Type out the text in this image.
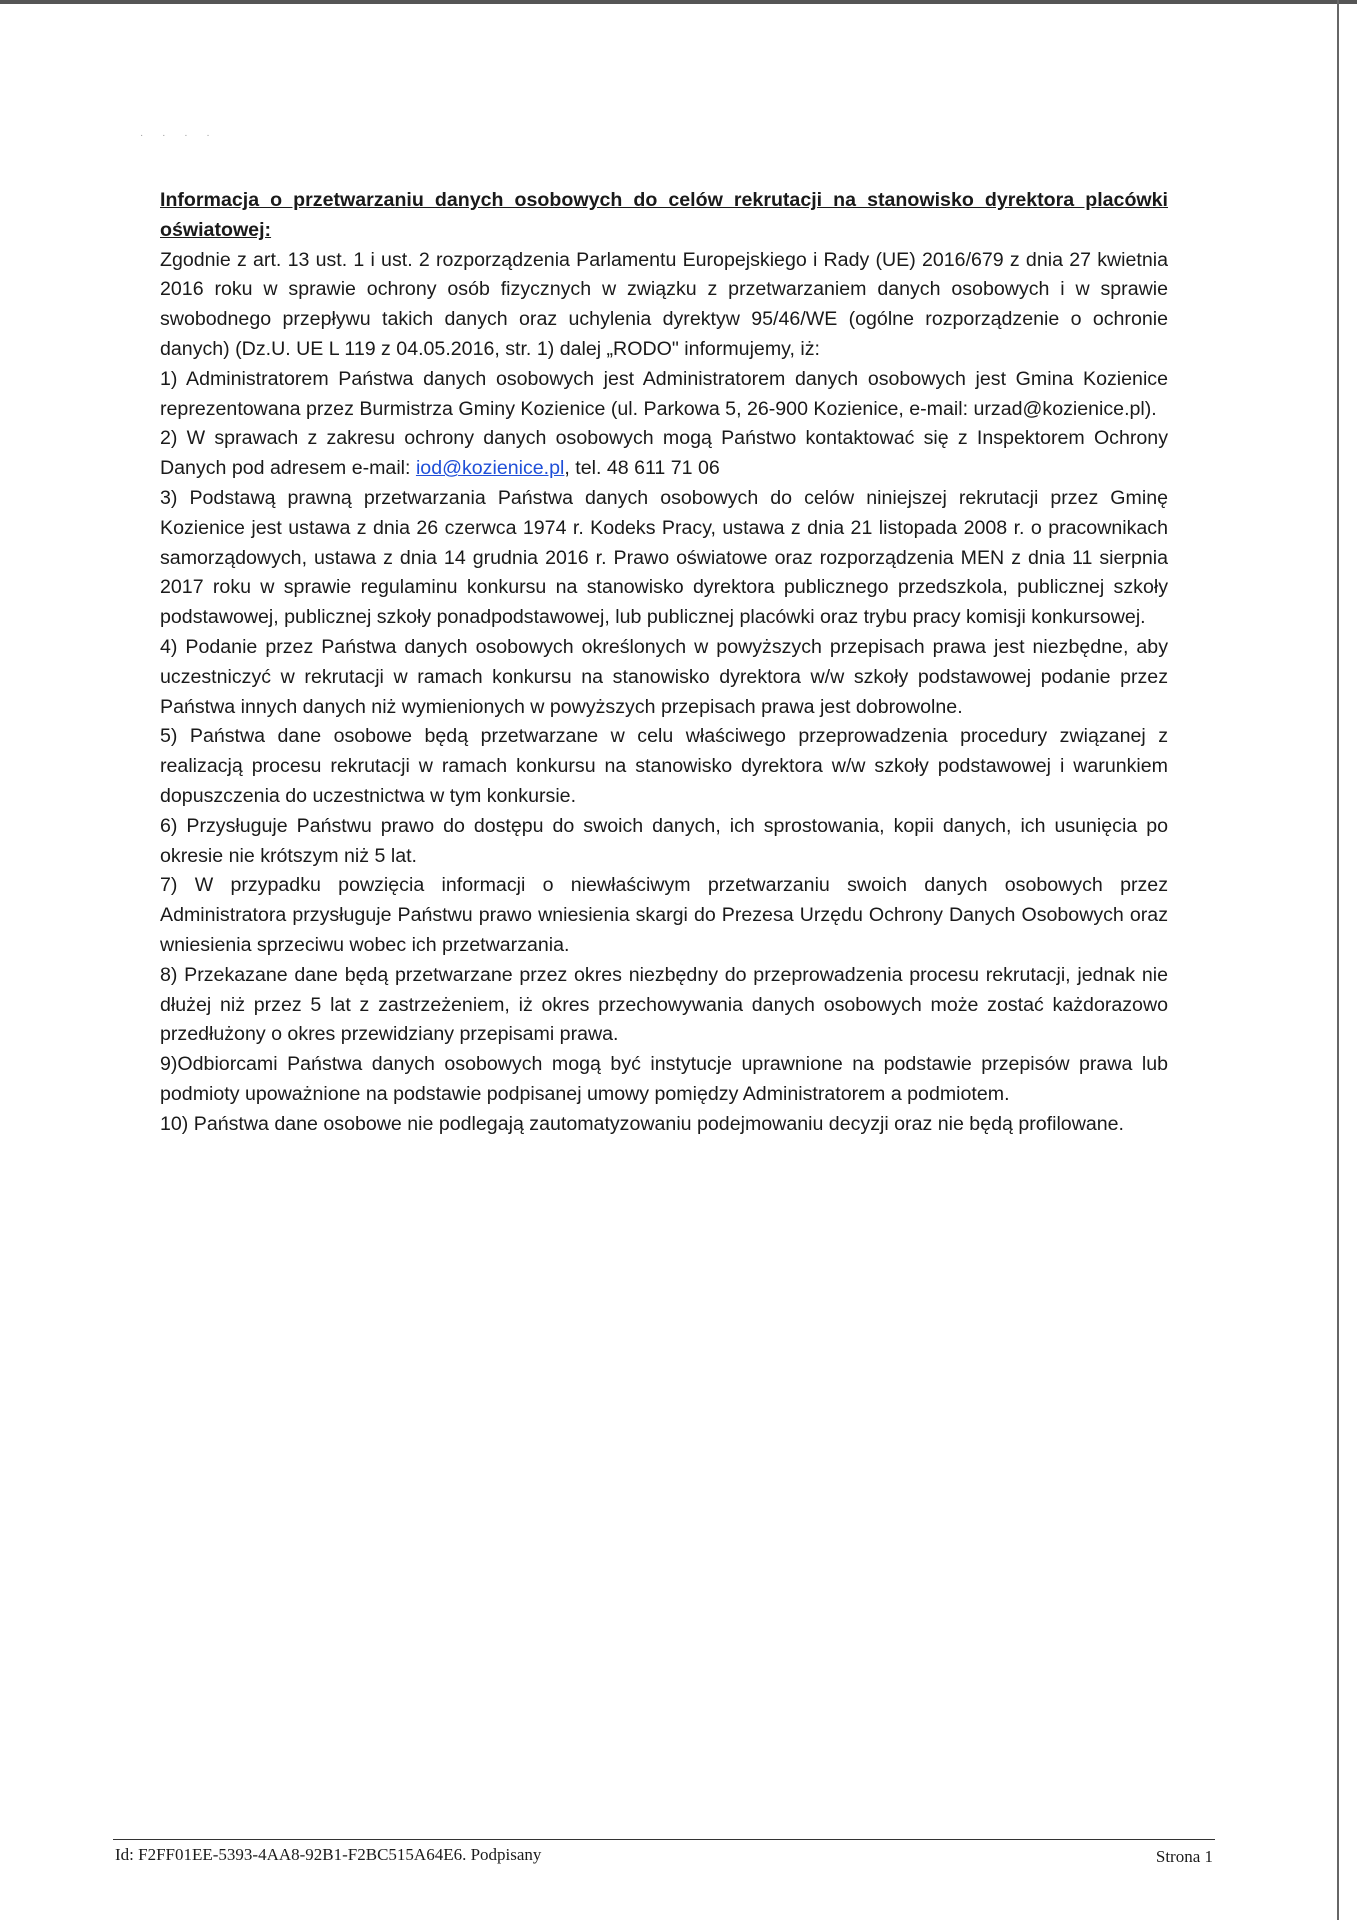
· · · ·

Informacja o przetwarzaniu danych osobowych do celów rekrutacji na stanowisko dyrektora placówki oświatowej:

Zgodnie z art. 13 ust. 1 i ust. 2 rozporządzenia Parlamentu Europejskiego i Rady (UE) 2016/679 z dnia 27 kwietnia 2016 roku w sprawie ochrony osób fizycznych w związku z przetwarzaniem danych osobowych i w sprawie swobodnego przepływu takich danych oraz uchylenia dyrektyw 95/46/WE (ogólne rozporządzenie o ochronie danych) (Dz.U. UE L 119 z 04.05.2016, str. 1) dalej „RODO" informujemy, iż:

1) Administratorem Państwa danych osobowych jest Administratorem danych osobowych jest Gmina Kozienice reprezentowana przez Burmistrza Gminy Kozienice (ul. Parkowa 5, 26-900 Kozienice, e-mail: urzad@kozienice.pl).

2) W sprawach z zakresu ochrony danych osobowych mogą Państwo kontaktować się z Inspektorem Ochrony Danych pod adresem e-mail: iod@kozienice.pl, tel. 48 611 71 06

3) Podstawą prawną przetwarzania Państwa danych osobowych do celów niniejszej rekrutacji przez Gminę Kozienice jest ustawa z dnia 26 czerwca 1974 r. Kodeks Pracy, ustawa z dnia 21 listopada 2008 r. o pracownikach samorządowych, ustawa z dnia 14 grudnia 2016 r. Prawo oświatowe oraz rozporządzenia MEN z dnia 11 sierpnia 2017 roku w sprawie regulaminu konkursu na stanowisko dyrektora publicznego przedszkola, publicznej szkoły podstawowej, publicznej szkoły ponadpodstawowej, lub publicznej placówki oraz trybu pracy komisji konkursowej.

4) Podanie przez Państwa danych osobowych określonych w powyższych przepisach prawa jest niezbędne, aby uczestniczyć w rekrutacji w ramach konkursu na stanowisko dyrektora w/w szkoły podstawowej podanie przez Państwa innych danych niż wymienionych w powyższych przepisach prawa jest dobrowolne.

5) Państwa dane osobowe będą przetwarzane w celu właściwego przeprowadzenia procedury związanej z realizacją procesu rekrutacji w ramach konkursu na stanowisko dyrektora w/w szkoły podstawowej i warunkiem dopuszczenia do uczestnictwa w tym konkursie.

6) Przysługuje Państwu prawo do dostępu do swoich danych, ich sprostowania, kopii danych, ich usunięcia po okresie nie krótszym niż 5 lat.

7) W przypadku powzięcia informacji o niewłaściwym przetwarzaniu swoich danych osobowych przez Administratora przysługuje Państwu prawo wniesienia skargi do Prezesa Urzędu Ochrony Danych Osobowych oraz wniesienia sprzeciwu wobec ich przetwarzania.

8) Przekazane dane będą przetwarzane przez okres niezbędny do przeprowadzenia procesu rekrutacji, jednak nie dłużej niż przez 5 lat z zastrzeżeniem, iż okres przechowywania danych osobowych może zostać każdorazowo przedłużony o okres przewidziany przepisami prawa.

9)Odbiorcami Państwa danych osobowych mogą być instytucje uprawnione na podstawie przepisów prawa lub podmioty upoważnione na podstawie podpisanej umowy pomiędzy Administratorem a podmiotem.

10) Państwa dane osobowe nie podlegają zautomatyzowaniu podejmowaniu decyzji oraz nie będą profilowane.

Id: F2FF01EE-5393-4AA8-92B1-F2BC515A64E6. Podpisany	Strona 1
